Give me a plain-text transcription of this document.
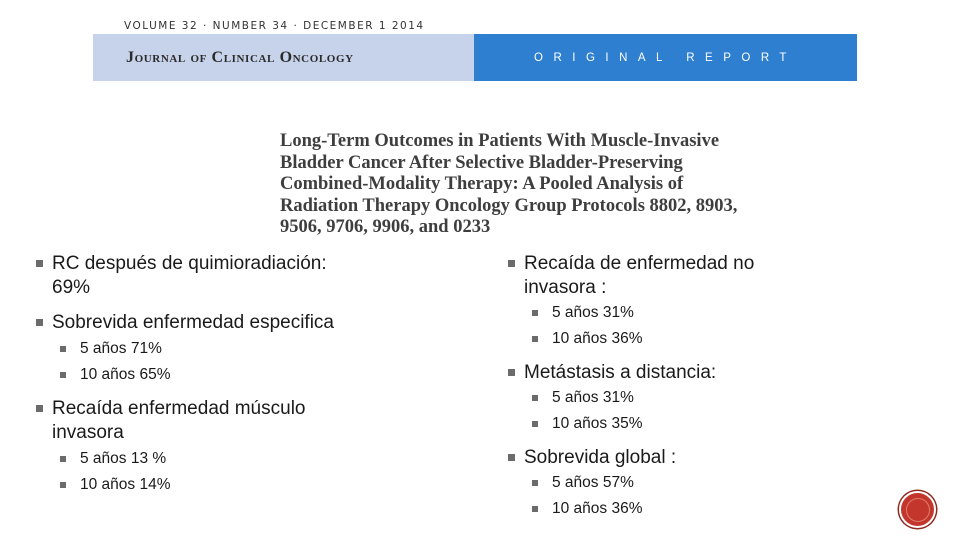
VOLUME 32 · NUMBER 34 · DECEMBER 1 2014
Journal of Clinical Oncology	ORIGINAL REPORT
Long-Term Outcomes in Patients With Muscle-Invasive
Bladder Cancer After Selective Bladder-Preserving
Combined-Modality Therapy: A Pooled Analysis of
Radiation Therapy Oncology Group Protocols 8802, 8903,
9506, 9706, 9906, and 0233
RC después de quimioradiación:
69%
Sobrevida enfermedad especifica
5 años 71%
10 años 65%
Recaída enfermedad músculo
invasora
5 años 13 %
10 años 14%
Recaída de enfermedad no
invasora :
5 años 31%
10 años 36%
Metástasis a distancia:
5 años 31%
10 años 35%
Sobrevida global :
5 años 57%
10 años 36%
